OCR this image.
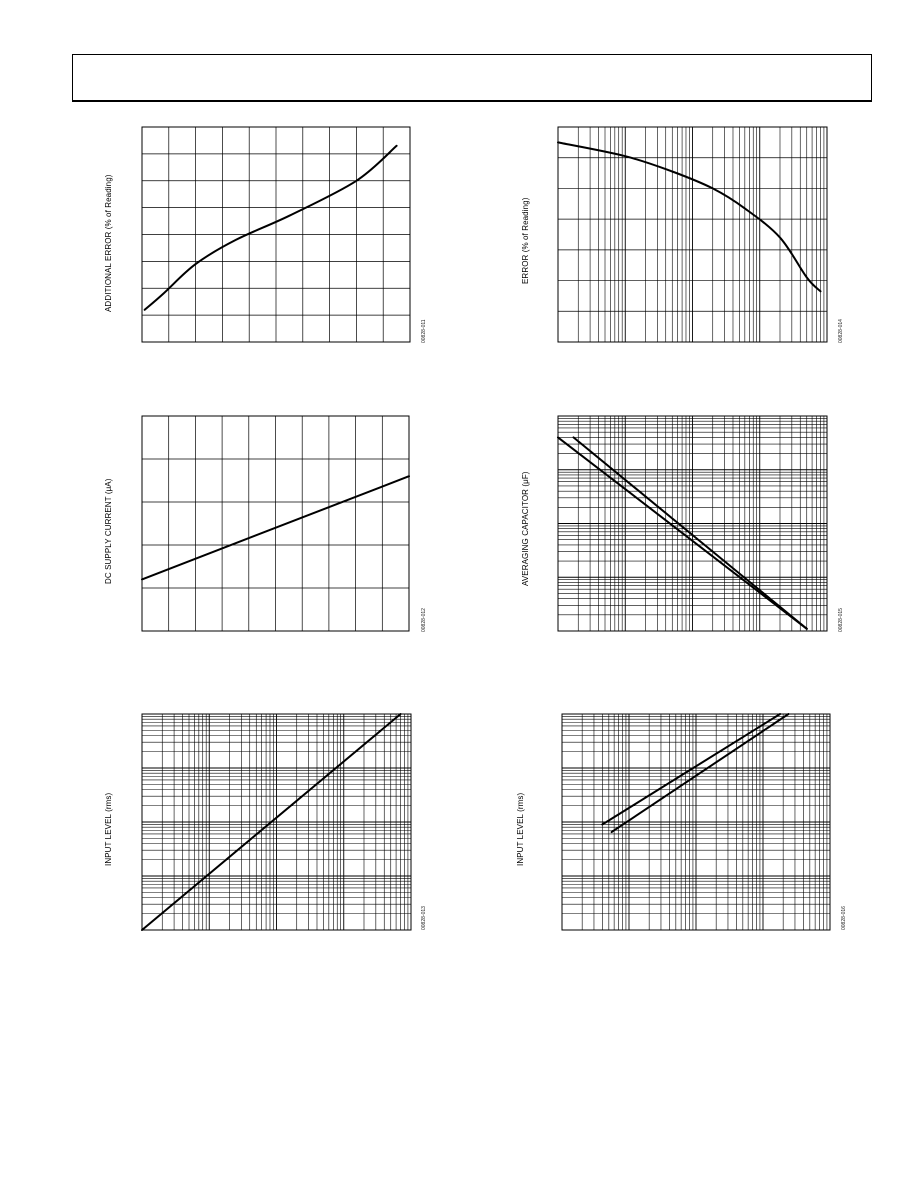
ADDITIONAL ERROR (% of Reading)	ERROR (% of Reading)
DC SUPPLY CURRENT (μA)	AVERAGING CAPACITOR (μF)
INPUT LEVEL (rms)	INPUT LEVEL (rms)
00828-011	00828-014
00828-012	00828-015
00828-013	00828-016
